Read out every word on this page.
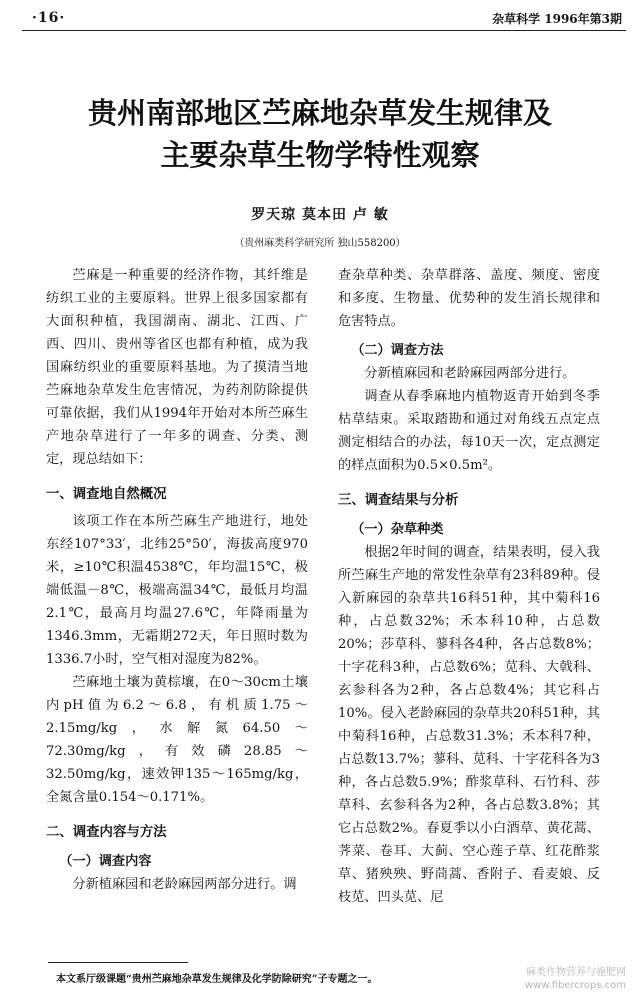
·16·	杂草科学 1996年第3期
贵州南部地区苎麻地杂草发生规律及
主要杂草生物学特性观察
罗天琼 莫本田 卢 敏
（贵州麻类科学研究所 独山558200）

苎麻是一种重要的经济作物，其纤维是纺织工业的主要原料。世界上很多国家都有大面积种植，我国湖南、湖北、江西、广西、四川、贵州等省区也都有种植，成为我国麻纺织业的重要原料基地。为了摸清当地苎麻地杂草发生危害情况，为药剂防除提供可靠依据，我们从1994年开始对本所苎麻生产地杂草进行了一年多的调查、分类、测定，现总结如下：

一、调查地自然概况

该项工作在本所苎麻生产地进行，地处东经107°33′，北纬25°50′，海拔高度970米，≥10℃积温4538℃，年均温15℃，极端低温－8℃，极端高温34℃，最低月均温2.1℃，最高月均温27.6℃，年降雨量为1346.3mm，无霜期272天，年日照时数为1336.7小时，空气相对湿度为82%。

苎麻地土壤为黄棕壤，在0～30cm土壤内pH值为6.2～6.8，有机质1.75～2.15mg/kg，水解氮64.50～72.30mg/kg，有效磷28.85～32.50mg/kg，速效钾135～165mg/kg，全氮含量0.154～0.171%。

二、调查内容与方法
（一）调查内容

分新植麻园和老龄麻园两部分进行。调

查杂草种类、杂草群落、盖度、频度、密度和多度、生物量、优势种的发生消长规律和危害特点。

（二）调查方法

分新植麻园和老龄麻园两部分进行。

调查从春季麻地内植物返青开始到冬季枯草结束。采取踏勘和通过对角线五点定点测定相结合的办法，每10天一次，定点测定的样点面积为0.5×0.5m²。

三、调查结果与分析
（一）杂草种类

根据2年时间的调查，结果表明，侵入我所苎麻生产地的常发性杂草有23科89种。侵入新麻园的杂草共16科51种，其中菊科16种，占总数32%；禾本科10种，占总数20%；莎草科、蓼科各4种，各占总数8%；十字花科3种，占总数6%；苋科、大戟科、玄参科各为2种，各占总数4%；其它科占10%。侵入老龄麻园的杂草共20科51种，其中菊科16种，占总数31.3%；禾本科7种，占总数13.7%；蓼科、苋科、十字花科各为3种，各占总数5.9%；酢浆草科、石竹科、莎草科、玄参科各为2种，各占总数3.8%；其它占总数2%。春夏季以小白酒草、黄花蒿、荠菜、卷耳、大蓟、空心莲子草、红花酢浆草、猪殃殃、野茼蒿、香附子、看麦娘、反枝苋、凹头苋、尼

本文系厅级课题“贵州苎麻地杂草发生规律及化学防除研究”子专题之一。
麻类作物营养与施肥网
www.fibercrops.com
